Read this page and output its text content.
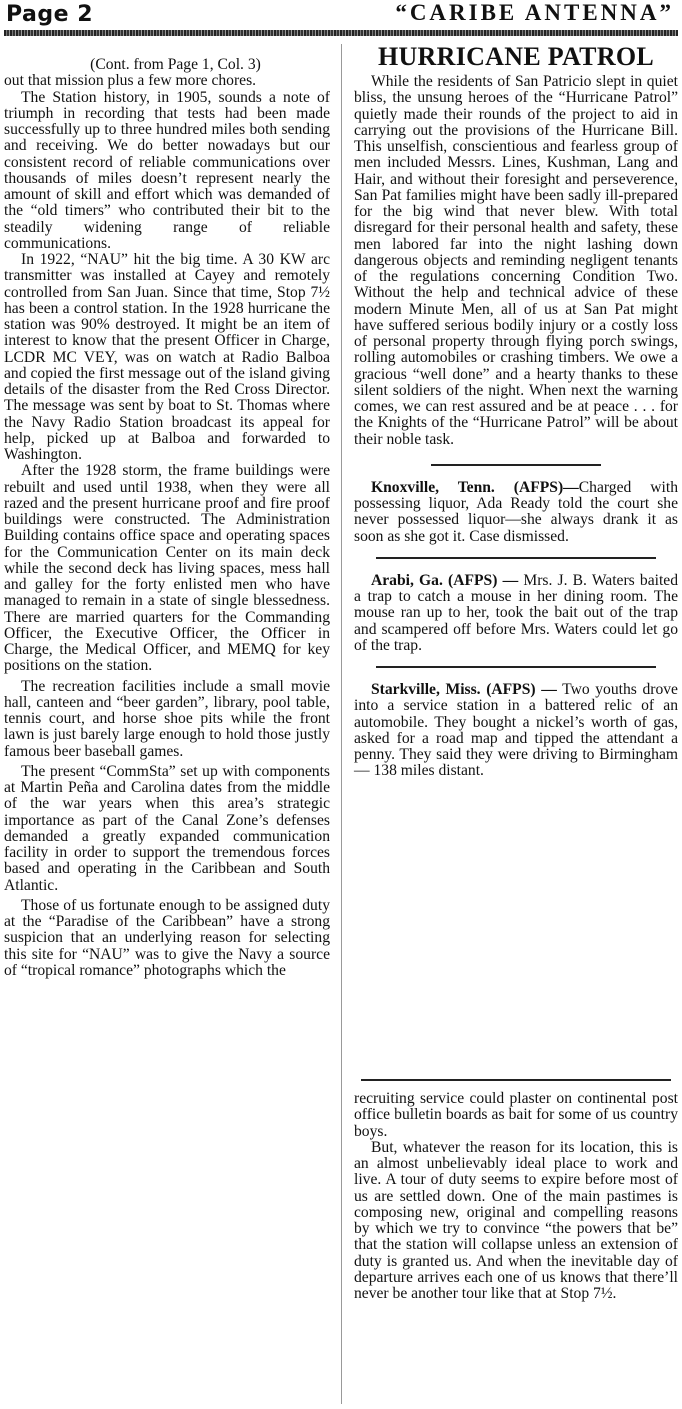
Page 2	“CARIBE ANTENNA”

(Cont. from Page 1, Col. 3)

out that mission plus a few more chores.

The Station history, in 1905, sounds a note of triumph in recording that tests had been made successfully up to three hundred miles both sending and receiving. We do better nowadays but our consistent record of reliable communications over thousands of miles doesn’t represent nearly the amount of skill and effort which was demanded of the “old timers” who contributed their bit to the steadily widening range of reliable communications.

In 1922, “NAU” hit the big time. A 30 KW arc transmitter was installed at Cayey and remotely controlled from San Juan. Since that time, Stop 7½ has been a control station. In the 1928 hurricane the station was 90% destroyed. It might be an item of interest to know that the present Officer in Charge, LCDR MC VEY, was on watch at Radio Balboa and copied the first message out of the island giving details of the disaster from the Red Cross Director. The message was sent by boat to St. Thomas where the Navy Radio Station broadcast its appeal for help, picked up at Balboa and forwarded to Washington.

After the 1928 storm, the frame buildings were rebuilt and used until 1938, when they were all razed and the present hurricane proof and fire proof buildings were constructed. The Administration Building contains office space and operating spaces for the Communication Center on its main deck while the second deck has living spaces, mess hall and galley for the forty enlisted men who have managed to remain in a state of single blessedness. There are married quarters for the Commanding Officer, the Executive Officer, the Officer in Charge, the Medical Officer, and MEMQ for key positions on the station.

The recreation facilities include a small movie hall, canteen and “beer garden”, library, pool table, tennis court, and horse shoe pits while the front lawn is just barely large enough to hold those justly famous beer baseball games.

The present “CommSta” set up with components at Martin Peña and Carolina dates from the middle of the war years when this area’s strategic importance as part of the Canal Zone’s defenses demanded a greatly expanded communication facility in order to support the tremendous forces based and operating in the Caribbean and South Atlantic.

Those of us fortunate enough to be assigned duty at the “Paradise of the Caribbean” have a strong suspicion that an underlying reason for selecting this site for “NAU” was to give the Navy a source of “tropical romance” photographs which the

HURRICANE PATROL

While the residents of San Patricio slept in quiet bliss, the unsung heroes of the “Hurricane Patrol” quietly made their rounds of the project to aid in carrying out the provisions of the Hurricane Bill. This unselfish, conscientious and fearless group of men included Messrs. Lines, Kushman, Lang and Hair, and without their foresight and perseverence, San Pat families might have been sadly ill-prepared for the big wind that never blew. With total disregard for their personal health and safety, these men labored far into the night lashing down dangerous objects and reminding negligent tenants of the regulations concerning Condition Two. Without the help and technical advice of these modern Minute Men, all of us at San Pat might have suffered serious bodily injury or a costly loss of personal property through flying porch swings, rolling automobiles or crashing timbers. We owe a gracious “well done” and a hearty thanks to these silent soldiers of the night. When next the warning comes, we can rest assured and be at peace . . . for the Knights of the “Hurricane Patrol” will be about their noble task.

Knoxville, Tenn. (AFPS)—Charged with possessing liquor, Ada Ready told the court she never possessed liquor—she always drank it as soon as she got it. Case dismissed.

Arabi, Ga. (AFPS) — Mrs. J. B. Waters baited a trap to catch a mouse in her dining room. The mouse ran up to her, took the bait out of the trap and scampered off before Mrs. Waters could let go of the trap.

Starkville, Miss. (AFPS) — Two youths drove into a service station in a battered relic of an automobile. They bought a nickel’s worth of gas, asked for a road map and tipped the attendant a penny. They said they were driving to Birmingham — 138 miles distant.

recruiting service could plaster on continental post office bulletin boards as bait for some of us country boys.

But, whatever the reason for its location, this is an almost unbelievably ideal place to work and live. A tour of duty seems to expire before most of us are settled down. One of the main pastimes is composing new, original and compelling reasons by which we try to convince “the powers that be” that the station will collapse unless an extension of duty is granted us. And when the inevitable day of departure arrives each one of us knows that there’ll never be another tour like that at Stop 7½.
